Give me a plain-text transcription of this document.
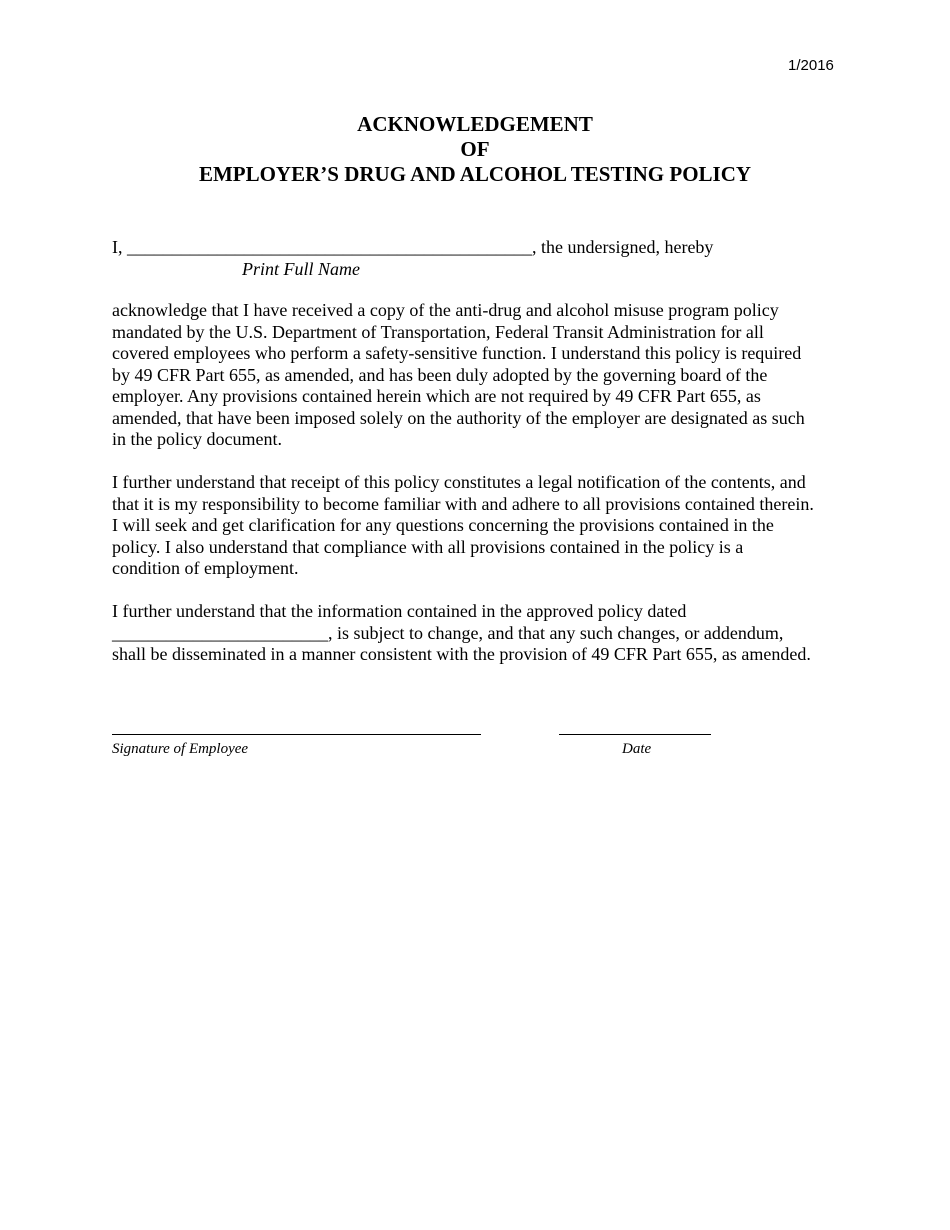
1/2016
ACKNOWLEDGEMENT
OF
EMPLOYER’S DRUG AND ALCOHOL TESTING POLICY
I, _____________________________________________, the undersigned, hereby
Print Full Name
acknowledge that I have received a copy of the anti-drug and alcohol misuse program policy
mandated by the U.S. Department of Transportation, Federal Transit Administration for all
covered employees who perform a safety-sensitive function. I understand this policy is required
by 49 CFR Part 655, as amended, and has been duly adopted by the governing board of the
employer. Any provisions contained herein which are not required by 49 CFR Part 655, as
amended, that have been imposed solely on the authority of the employer are designated as such
in the policy document.
I further understand that receipt of this policy constitutes a legal notification of the contents, and
that it is my responsibility to become familiar with and adhere to all provisions contained therein.
I will seek and get clarification for any questions concerning the provisions contained in the
policy. I also understand that compliance with all provisions contained in the policy is a
condition of employment.
I further understand that the information contained in the approved policy dated
________________________, is subject to change, and that any such changes, or addendum,
shall be disseminated in a manner consistent with the provision of 49 CFR Part 655, as amended.
Signature of Employee	Date
